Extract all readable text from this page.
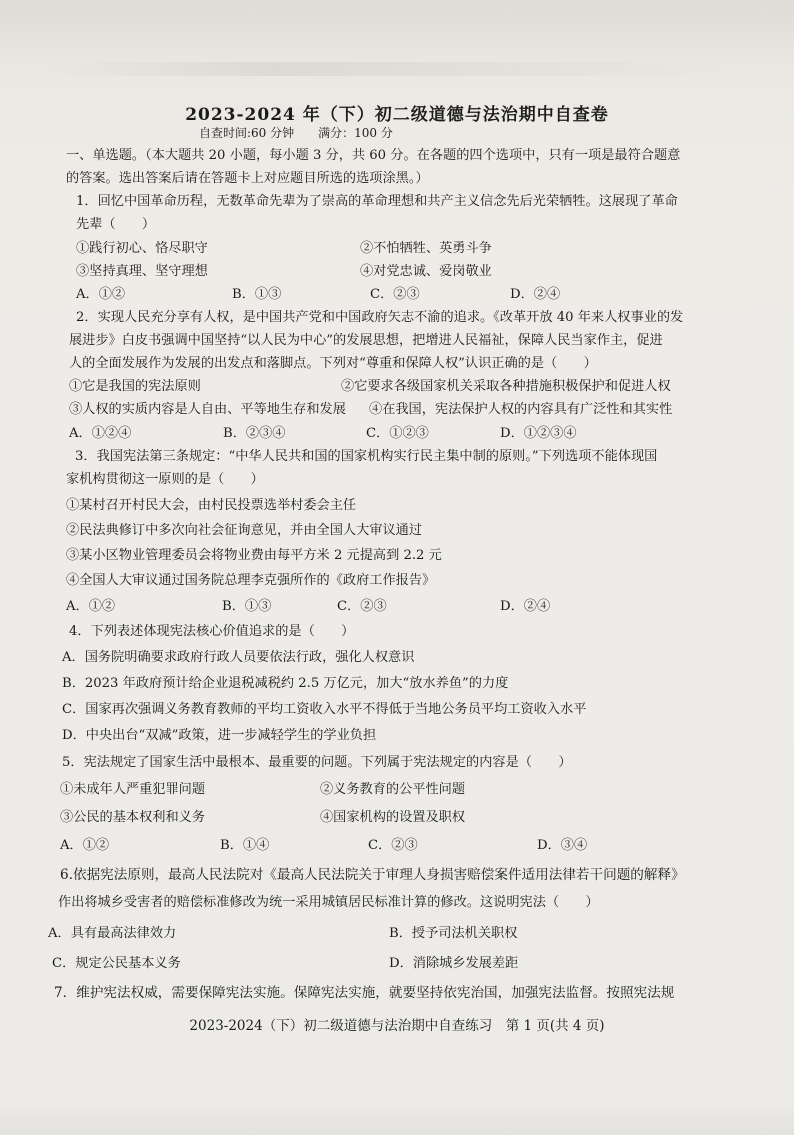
2023-2024 年（下）初二级道德与法治期中自查卷
自查时间:60 分钟　　满分：100 分
一、单选题。（本大题共 20 小题，每小题 3 分，共 60 分。在各题的四个选项中，只有一项是最符合题意
的答案。选出答案后请在答题卡上对应题目所选的选项涂黑。）
1．回忆中国革命历程，无数革命先辈为了崇高的革命理想和共产主义信念先后光荣牺牲。这展现了革命
先辈（　　）
①践行初心、恪尽职守	②不怕牺牲、英勇斗争
③坚持真理、坚守理想	④对党忠诚、爱岗敬业
A．①②	B．①③	C．②③	D．②④
2．实现人民充分享有人权，是中国共产党和中国政府矢志不渝的追求。《改革开放 40 年来人权事业的发
展进步》白皮书强调中国坚持“以人民为中心”的发展思想，把增进人民福祉，保障人民当家作主，促进
人的全面发展作为发展的出发点和落脚点。下列对“尊重和保障人权”认识正确的是（　　）
①它是我国的宪法原则	②它要求各级国家机关采取各种措施积极保护和促进人权
③人权的实质内容是人自由、平等地生存和发展 ④在我国，宪法保护人权的内容具有广泛性和其实性
A．①②④	B．②③④	C．①②③	D．①②③④
3．我国宪法第三条规定：“中华人民共和国的国家机构实行民主集中制的原则。”下列选项不能体现国
家机构贯彻这一原则的是（　　）
①某村召开村民大会，由村民投票选举村委会主任
②民法典修订中多次向社会征询意见，并由全国人大审议通过
③某小区物业管理委员会将物业费由每平方米 2 元提高到 2.2 元
④全国人大审议通过国务院总理李克强所作的《政府工作报告》
A．①②	B．①③	C．②③	D．②④
4．下列表述体现宪法核心价值追求的是（　　）
A．国务院明确要求政府行政人员要依法行政，强化人权意识
B．2023 年政府预计给企业退税减税约 2.5 万亿元，加大“放水养鱼”的力度
C．国家再次强调义务教育教师的平均工资收入水平不得低于当地公务员平均工资收入水平
D．中央出台“双减”政策，进一步减轻学生的学业负担
5．宪法规定了国家生活中最根本、最重要的问题。下列属于宪法规定的内容是（　　）
①未成年人严重犯罪问题	②义务教育的公平性问题
③公民的基本权利和义务	④国家机构的设置及职权
A．①②	B．①④	C．②③	D．③④
6.依据宪法原则，最高人民法院对《最高人民法院关于审理人身损害赔偿案件适用法律若干问题的解释》
作出将城乡受害者的赔偿标准修改为统一采用城镇居民标准计算的修改。这说明宪法（　　）
A．具有最高法律效力	B．授予司法机关职权
C．规定公民基本义务	D．消除城乡发展差距
7．维护宪法权威，需要保障宪法实施。保障宪法实施，就要坚持依宪治国，加强宪法监督。按照宪法规
2023-2024（下）初二级道德与法治期中自查练习　第 1 页(共 4 页)
